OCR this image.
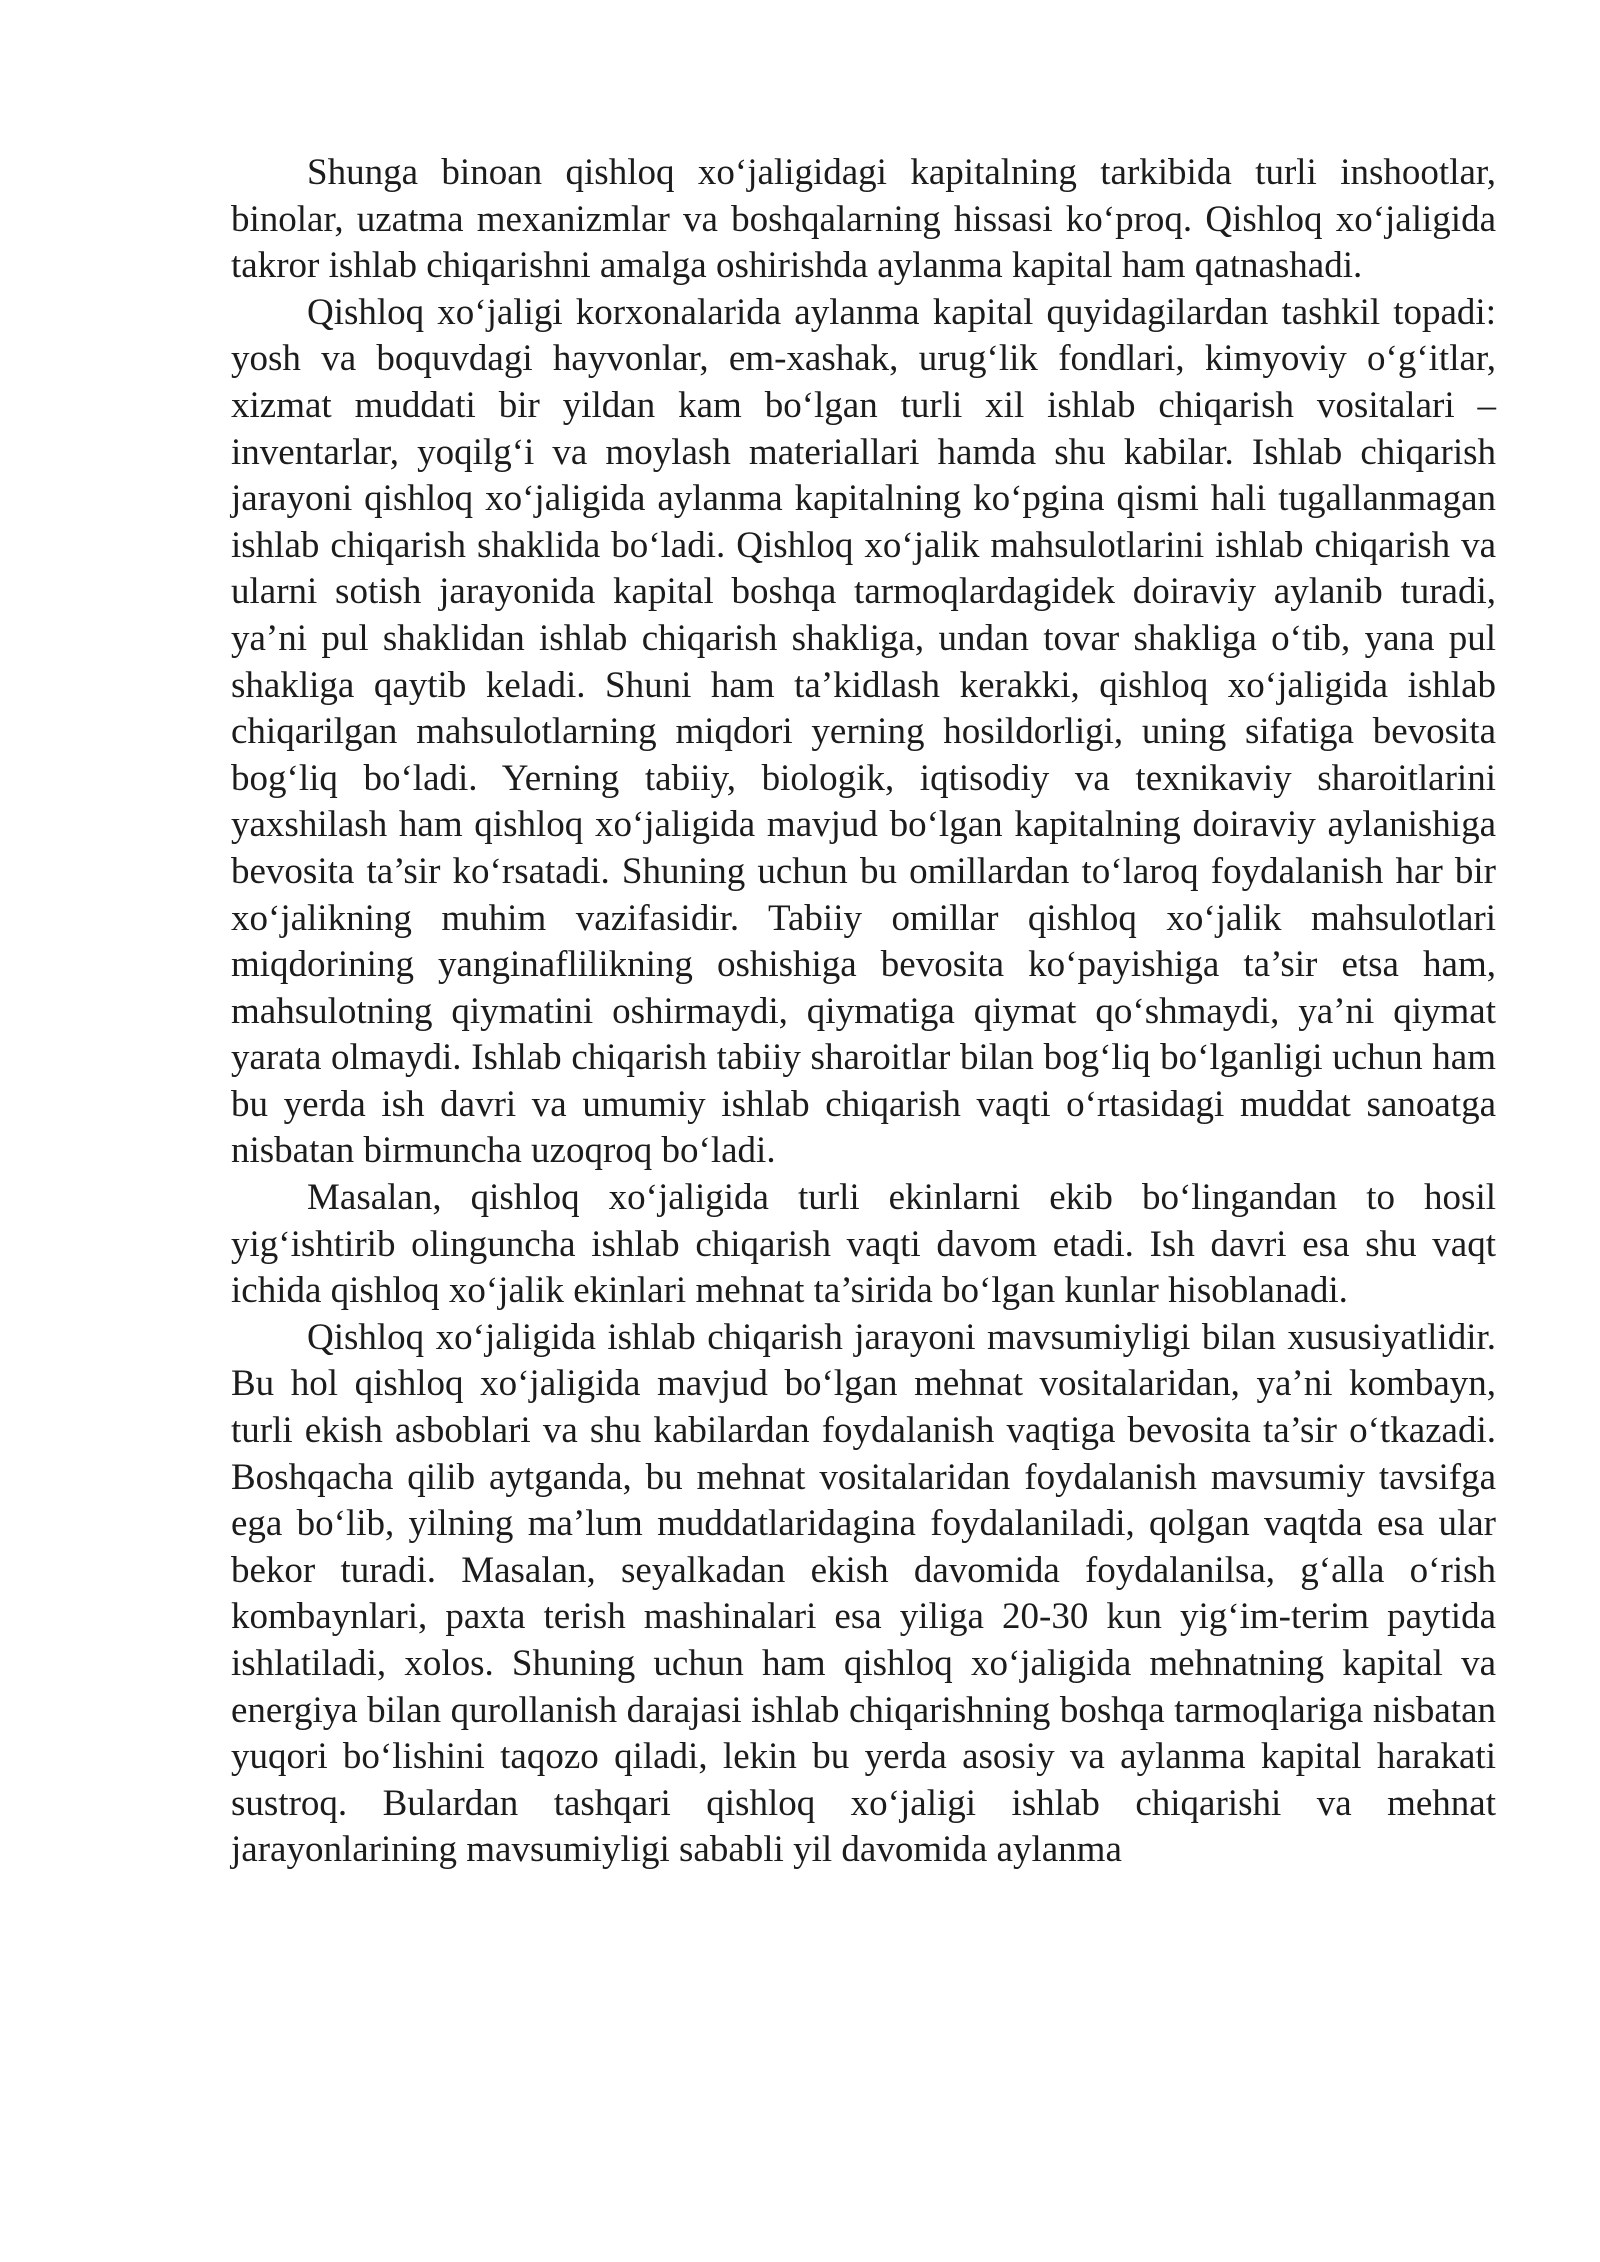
Shunga binoan qishloq xo‘jaligidagi kapitalning tarkibida turli inshootlar, binolar, uzatma mexanizmlar va boshqalarning hissasi ko‘proq. Qishloq xo‘jaligida takror ishlab chiqarishni amalga oshirishda aylanma kapital ham qatnashadi.

Qishloq xo‘jaligi korxonalarida aylanma kapital quyidagilardan tashkil topadi: yosh va boquvdagi hayvonlar, em-xashak, urug‘lik fondlari, kimyoviy o‘g‘itlar, xizmat muddati bir yildan kam bo‘lgan turli xil ishlab chiqarish vositalari – inventarlar, yoqilg‘i va moylash materiallari hamda shu kabilar. Ishlab chiqarish jarayoni qishloq xo‘jaligida aylanma kapitalning ko‘pgina qismi hali tugallanmagan ishlab chiqarish shaklida bo‘ladi. Qishloq xo‘jalik mahsulotlarini ishlab chiqarish va ularni sotish jarayonida kapital boshqa tarmoqlardagidek doiraviy aylanib turadi, ya’ni pul shaklidan ishlab chiqarish shakliga, undan tovar shakliga o‘tib, yana pul shakliga qaytib keladi. Shuni ham ta’kidlash kerakki, qishloq xo‘jaligida ishlab chiqarilgan mahsulotlarning miqdori yerning hosildorligi, uning sifatiga bevosita bog‘liq bo‘ladi. Yerning tabiiy, biologik, iqtisodiy va texnikaviy sharoitlarini yaxshilash ham qishloq xo‘jaligida mavjud bo‘lgan kapitalning doiraviy aylanishiga bevosita ta’sir ko‘rsatadi. Shuning uchun bu omillardan to‘laroq foydalanish har bir xo‘jalikning muhim vazifasidir. Tabiiy omillar qishloq xo‘jalik mahsulotlari miqdorining yanginaflilikning oshishiga bevosita ko‘payishiga ta’sir etsa ham, mahsulotning qiymatini oshirmaydi, qiymatiga qiymat qo‘shmaydi, ya’ni qiymat yarata olmaydi. Ishlab chiqarish tabiiy sharoitlar bilan bog‘liq bo‘lganligi uchun ham bu yerda ish davri va umumiy ishlab chiqarish vaqti o‘rtasidagi muddat sanoatga nisbatan birmuncha uzoqroq bo‘ladi.

Masalan, qishloq xo‘jaligida turli ekinlarni ekib bo‘lingandan to hosil yig‘ishtirib olinguncha ishlab chiqarish vaqti davom etadi. Ish davri esa shu vaqt ichida qishloq xo‘jalik ekinlari mehnat ta’sirida bo‘lgan kunlar hisoblanadi.

Qishloq xo‘jaligida ishlab chiqarish jarayoni mavsumiyligi bilan xususiyatlidir. Bu hol qishloq xo‘jaligida mavjud bo‘lgan mehnat vositalaridan, ya’ni kombayn, turli ekish asboblari va shu kabilardan foydalanish vaqtiga bevosita ta’sir o‘tkazadi. Boshqacha qilib aytganda, bu mehnat vositalaridan foydalanish mavsumiy tavsifga ega bo‘lib, yilning ma’lum muddatlaridagina foydalaniladi, qolgan vaqtda esa ular bekor turadi. Masalan, seyalkadan ekish davomida foydalanilsa, g‘alla o‘rish kombaynlari, paxta terish mashinalari esa yiliga 20-30 kun yig‘im-terim paytida ishlatiladi, xolos. Shuning uchun ham qishloq xo‘jaligida mehnatning kapital va energiya bilan qurollanish darajasi ishlab chiqarishning boshqa tarmoqlariga nisbatan yuqori bo‘lishini taqozo qiladi, lekin bu yerda asosiy va aylanma kapital harakati sustroq. Bulardan tashqari qishloq xo‘jaligi ishlab chiqarishi va mehnat jarayonlarining mavsumiyligi sababli yil davomida aylanma
